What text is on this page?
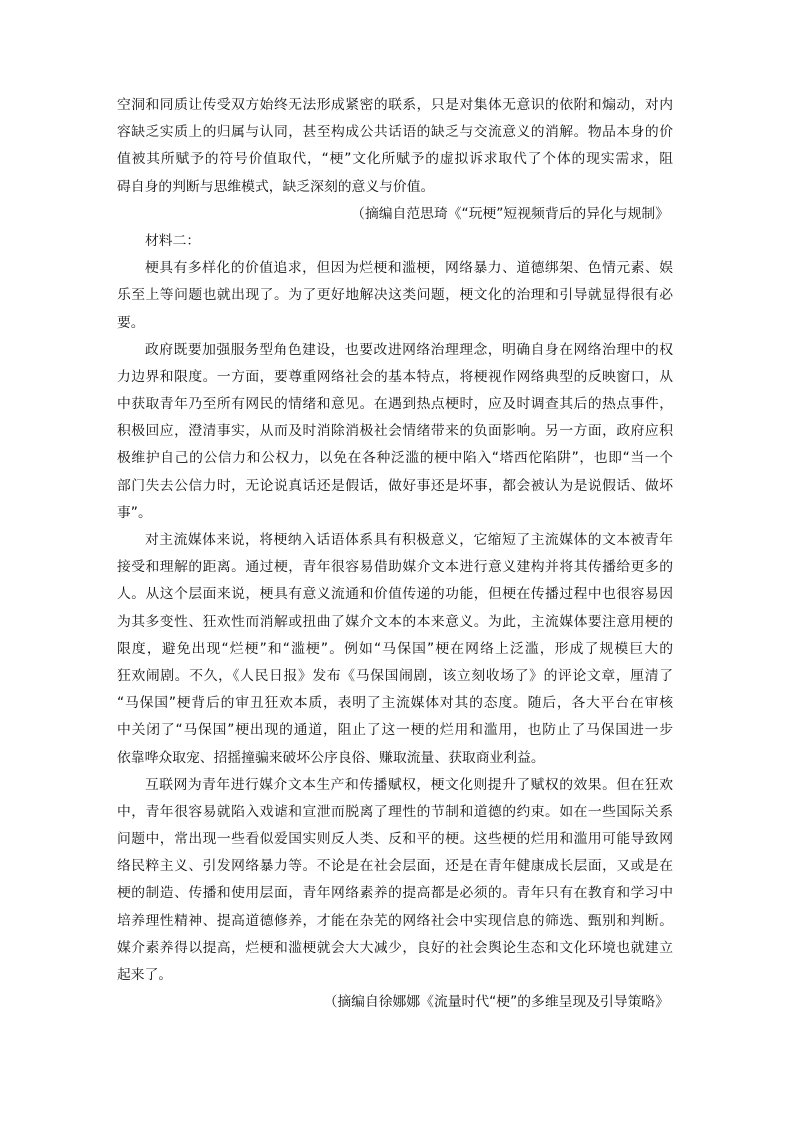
空洞和同质让传受双方始终无法形成紧密的联系，只是对集体无意识的依附和煽动，对内
容缺乏实质上的归属与认同，甚至构成公共话语的缺乏与交流意义的消解。物品本身的价
值被其所赋予的符号价值取代，“梗”文化所赋予的虚拟诉求取代了个体的现实需求，阻
碍自身的判断与思维模式，缺乏深刻的意义与价值。
（摘编自范思琦《“玩梗”短视频背后的异化与规制》
材料二：
梗具有多样化的价值追求，但因为烂梗和滥梗，网络暴力、道德绑架、色情元素、娱
乐至上等问题也就出现了。为了更好地解决这类问题，梗文化的治理和引导就显得很有必
要。
政府既要加强服务型角色建设，也要改进网络治理理念，明确自身在网络治理中的权
力边界和限度。一方面，要尊重网络社会的基本特点，将梗视作网络典型的反映窗口，从
中获取青年乃至所有网民的情绪和意见。在遇到热点梗时，应及时调查其后的热点事件，
积极回应，澄清事实，从而及时消除消极社会情绪带来的负面影响。另一方面，政府应积
极维护自己的公信力和公权力，以免在各种泛滥的梗中陷入“塔西佗陷阱”，也即“当一个
部门失去公信力时，无论说真话还是假话，做好事还是坏事，都会被认为是说假话、做坏
事”。
对主流媒体来说，将梗纳入话语体系具有积极意义，它缩短了主流媒体的文本被青年
接受和理解的距离。通过梗，青年很容易借助媒介文本进行意义建构并将其传播给更多的
人。从这个层面来说，梗具有意义流通和价值传递的功能，但梗在传播过程中也很容易因
为其多变性、狂欢性而消解或扭曲了媒介文本的本来意义。为此，主流媒体要注意用梗的
限度，避免出现“烂梗”和“滥梗”。例如“马保国”梗在网络上泛滥，形成了规模巨大的
狂欢闹剧。不久，《人民日报》发布《马保国闹剧，该立刻收场了》的评论文章，厘清了
“马保国”梗背后的审丑狂欢本质，表明了主流媒体对其的态度。随后，各大平台在审核
中关闭了“马保国”梗出现的通道，阻止了这一梗的烂用和滥用，也防止了马保国进一步
依靠哗众取宠、招摇撞骗来破坏公序良俗、赚取流量、获取商业利益。
互联网为青年进行媒介文本生产和传播赋权，梗文化则提升了赋权的效果。但在狂欢
中，青年很容易就陷入戏谑和宣泄而脱离了理性的节制和道德的约束。如在一些国际关系
问题中，常出现一些看似爱国实则反人类、反和平的梗。这些梗的烂用和滥用可能导致网
络民粹主义、引发网络暴力等。不论是在社会层面，还是在青年健康成长层面，又或是在
梗的制造、传播和使用层面，青年网络素养的提高都是必须的。青年只有在教育和学习中
培养理性精神、提高道德修养，才能在杂芜的网络社会中实现信息的筛选、甄别和判断。
媒介素养得以提高，烂梗和滥梗就会大大减少，良好的社会舆论生态和文化环境也就建立
起来了。
（摘编自徐娜娜《流量时代“梗”的多维呈现及引导策略》
